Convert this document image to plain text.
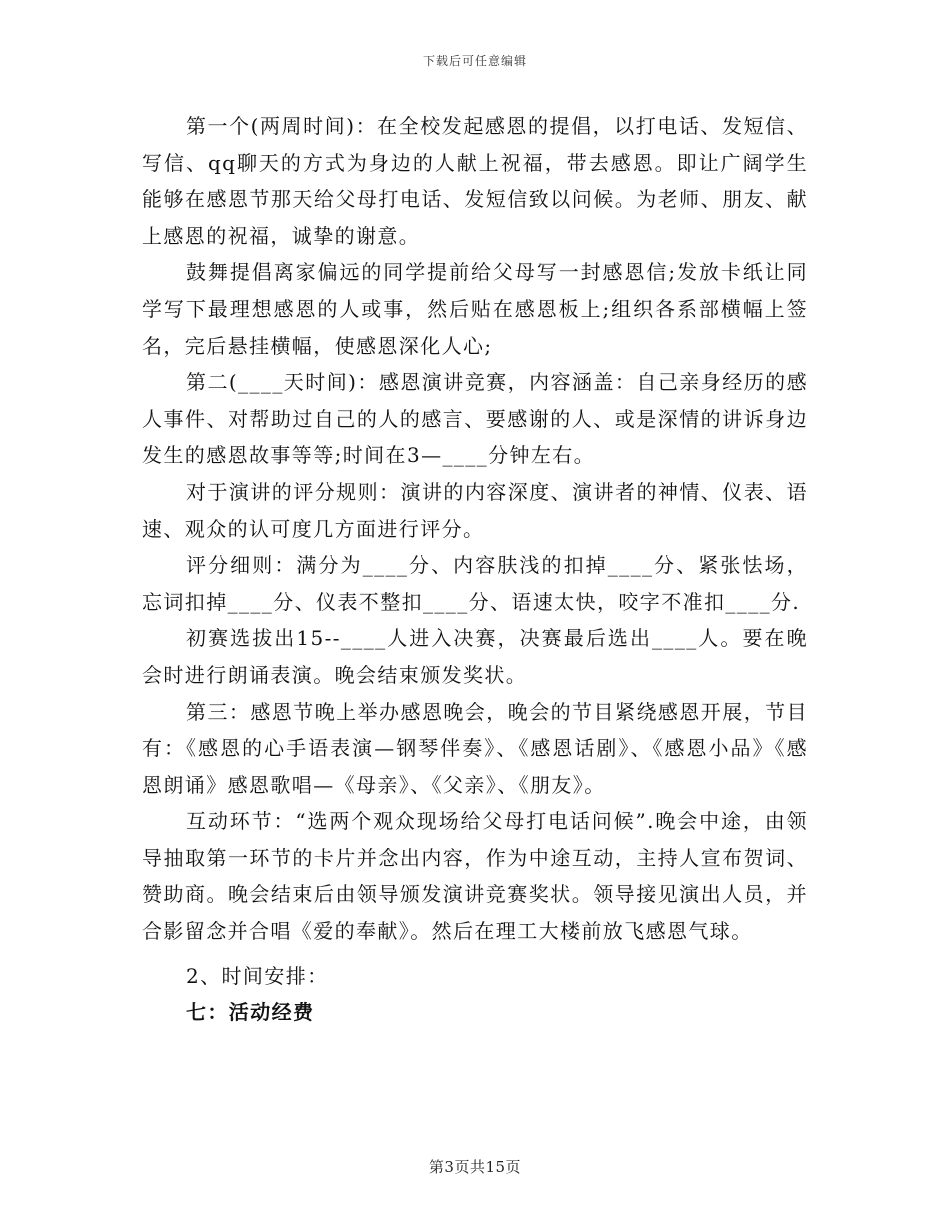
下载后可任意编辑

第一个(两周时间)：在全校发起感恩的提倡，以打电话、发短信、写信、qq聊天的方式为身边的人献上祝福，带去感恩。即让广阔学生能够在感恩节那天给父母打电话、发短信致以问候。为老师、朋友、献上感恩的祝福，诚挚的谢意。

鼓舞提倡离家偏远的同学提前给父母写一封感恩信;发放卡纸让同学写下最理想感恩的人或事，然后贴在感恩板上;组织各系部横幅上签名，完后悬挂横幅，使感恩深化人心;

第二(____天时间)：感恩演讲竞赛，内容涵盖：自己亲身经历的感人事件、对帮助过自己的人的感言、要感谢的人、或是深情的讲诉身边发生的感恩故事等等;时间在3—____分钟左右。

对于演讲的评分规则：演讲的内容深度、演讲者的神情、仪表、语速、观众的认可度几方面进行评分。

评分细则：满分为____分、内容肤浅的扣掉____分、紧张怯场，忘词扣掉____分、仪表不整扣____分、语速太快，咬字不准扣____分.

初赛选拔出15--____人进入决赛，决赛最后选出____人。要在晚会时进行朗诵表演。晚会结束颁发奖状。

第三：感恩节晚上举办感恩晚会，晚会的节目紧绕感恩开展，节目有：《感恩的心手语表演—钢琴伴奏》、《感恩话剧》、《感恩小品》《感恩朗诵》感恩歌唱—《母亲》、《父亲》、《朋友》。

互动环节：“选两个观众现场给父母打电话问候”.晚会中途，由领导抽取第一环节的卡片并念出内容，作为中途互动，主持人宣布贺词、赞助商。晚会结束后由领导颁发演讲竞赛奖状。领导接见演出人员，并合影留念并合唱《爱的奉献》。然后在理工大楼前放飞感恩气球。

2、时间安排：

七：活动经费

第3页共15页
